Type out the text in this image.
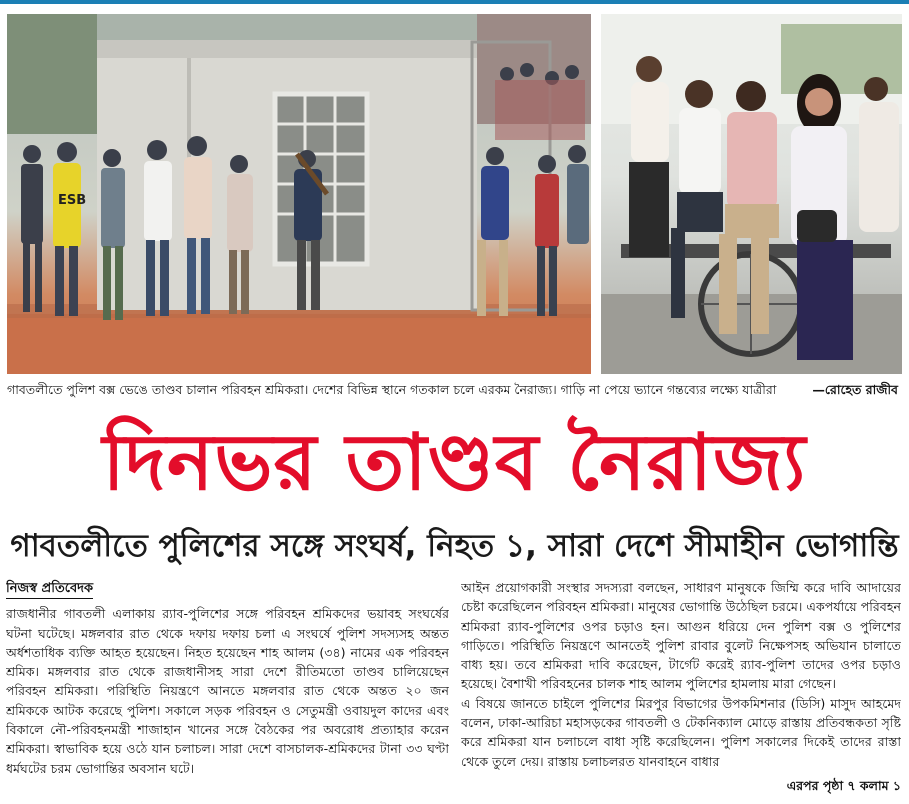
ESB
গাবতলীতে পুলিশ বক্স ভেঙে তাণ্ডব চালান পরিবহন শ্রমিকরা। দেশের বিভিন্ন স্থানে গতকাল চলে এরকম নৈরাজ্য। গাড়ি না পেয়ে ভ্যানে গন্তব্যের লক্ষ্যে যাত্রীরা	—রোহেত রাজীব
দিনভর তাণ্ডব নৈরাজ্য
গাবতলীতে পুলিশের সঙ্গে সংঘর্ষ, নিহত ১, সারা দেশে সীমাহীন ভোগান্তি
নিজস্ব প্রতিবেদক

রাজধানীর গাবতলী এলাকায় র‌্যাব-পুলিশের সঙ্গে পরিবহন শ্রমিকদের ভয়াবহ সংঘর্ষের ঘটনা ঘটেছে। মঙ্গলবার রাত থেকে দফায় দফায় চলা এ সংঘর্ষে পুলিশ সদস্যসহ অন্তত অর্ধশতাধিক ব্যক্তি আহত হয়েছেন। নিহত হয়েছেন শাহ আলম (৩৪) নামের এক পরিবহন শ্রমিক। মঙ্গলবার রাত থেকে রাজধানীসহ সারা দেশে রীতিমতো তাণ্ডব চালিয়েছেন পরিবহন শ্রমিকরা। পরিস্থিতি নিয়ন্ত্রণে আনতে মঙ্গলবার রাত থেকে অন্তত ২০ জন শ্রমিককে আটক করেছে পুলিশ। সকালে সড়ক পরিবহন ও সেতুমন্ত্রী ওবায়দুল কাদের এবং বিকালে নৌ-পরিবহনমন্ত্রী শাজাহান খানের সঙ্গে বৈঠকের পর অবরোধ প্রত্যাহার করেন শ্রমিকরা। স্বাভাবিক হয়ে ওঠে যান চলাচল। সারা দেশে বাসচালক-শ্রমিকদের টানা ৩৩ ঘণ্টা ধর্মঘটের চরম ভোগান্তির অবসান ঘটে।

আইন প্রয়োগকারী সংস্থার সদস্যরা বলছেন, সাধারণ মানুষকে জিম্মি করে দাবি আদায়ের চেষ্টা করেছিলেন পরিবহন শ্রমিকরা। মানুষের ভোগান্তি উঠেছিল চরমে। একপর্যায়ে পরিবহন শ্রমিকরা র‌্যাব-পুলিশের ওপর চড়াও হন। আগুন ধরিয়ে দেন পুলিশ বক্স ও পুলিশের গাড়িতে। পরিস্থিতি নিয়ন্ত্রণে আনতেই পুলিশ রাবার বুলেট নিক্ষেপসহ অভিযান চালাতে বাধ্য হয়। তবে শ্রমিকরা দাবি করেছেন, টার্গেট করেই র‌্যাব-পুলিশ তাদের ওপর চড়াও হয়েছে। বৈশাখী পরিবহনের চালক শাহ আলম পুলিশের হামলায় মারা গেছেন।

এ বিষয়ে জানতে চাইলে পুলিশের মিরপুর বিভাগের উপকমিশনার (ডিসি) মাসুদ আহমেদ বলেন, ঢাকা-আরিচা মহাসড়কের গাবতলী ও টেকনিক্যাল মোড়ে রাস্তায় প্রতিবন্ধকতা সৃষ্টি করে শ্রমিকরা যান চলাচলে বাধা সৃষ্টি করেছিলেন। পুলিশ সকালের দিকেই তাদের রাস্তা থেকে তুলে দেয়। রাস্তায় চলাচলরত যানবাহনে বাধার

এরপর পৃষ্ঠা ৭ কলাম ১
